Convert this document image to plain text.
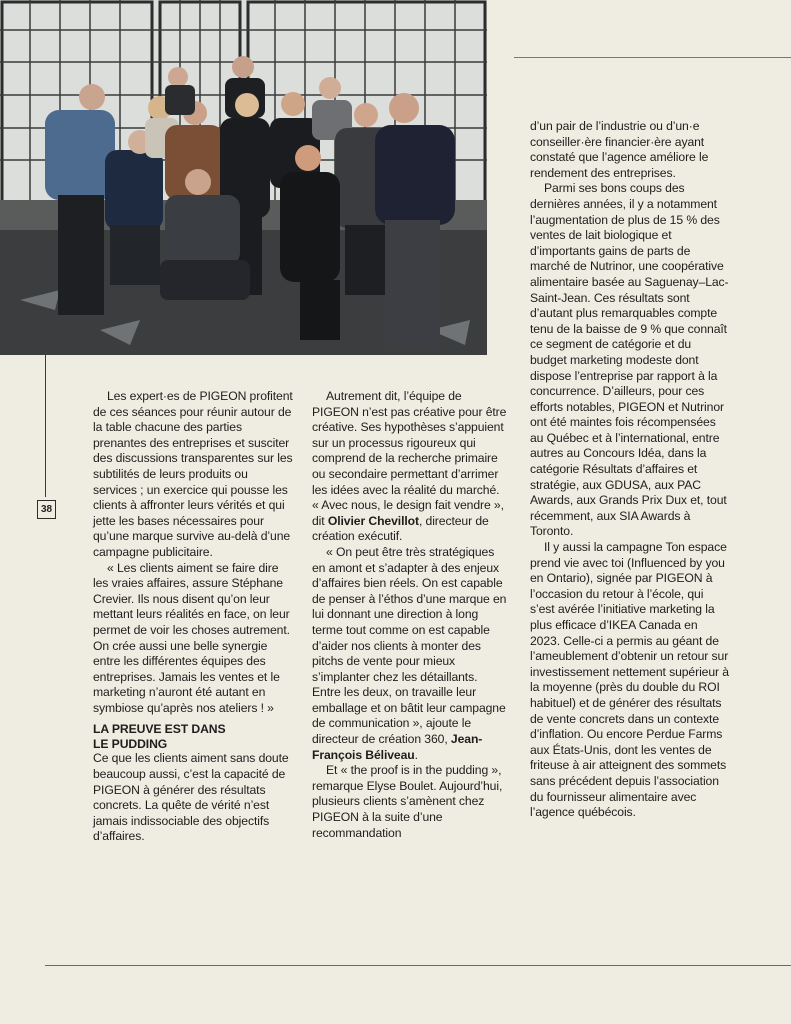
38

Les expert·es de PIGEON profitent de ces séances pour réunir autour de la table chacune des parties prenantes des entreprises et susciter des discussions transparentes sur les subtilités de leurs produits ou services ; un exercice qui pousse les clients à affronter leurs vérités et qui jette les bases nécessaires pour qu’une marque survive au-delà d’une campagne publicitaire.

« Les clients aiment se faire dire les vraies affaires, assure Stéphane Crevier. Ils nous disent qu’on leur mettant leurs réalités en face, on leur permet de voir les choses autrement. On crée aussi une belle synergie entre les différentes équipes des entreprises. Jamais les ventes et le marketing n’auront été autant en symbiose qu’après nos ateliers ! »

LA PREUVE EST DANS
LE PUDDING

Ce que les clients aiment sans doute beaucoup aussi, c’est la capacité de PIGEON à générer des résultats concrets. La quête de vérité n’est jamais indissociable des objectifs d’affaires.

Autrement dit, l’équipe de PIGEON n’est pas créative pour être créative. Ses hypothèses s’appuient sur un processus rigoureux qui comprend de la recherche primaire ou secondaire permettant d’arrimer les idées avec la réalité du marché. « Avec nous, le design fait vendre », dit Olivier Chevillot, directeur de création exécutif.

« On peut être très stratégiques en amont et s’adapter à des enjeux d’affaires bien réels. On est capable de penser à l’éthos d’une marque en lui donnant une direction à long terme tout comme on est capable d’aider nos clients à monter des pitchs de vente pour mieux s’implanter chez les détaillants. Entre les deux, on travaille leur emballage et on bâtit leur campagne de communication », ajoute le directeur de création 360, Jean-François Béliveau.

Et « the proof is in the pudding », remarque Elyse Boulet. Aujourd’hui, plusieurs clients s’amènent chez PIGEON à la suite d’une recommandation

d’un pair de l’industrie ou d’un·e conseiller·ère financier·ère ayant constaté que l’agence améliore le rendement des entreprises.

Parmi ses bons coups des dernières années, il y a notamment l’augmentation de plus de 15 % des ventes de lait biologique et d’importants gains de parts de marché de Nutrinor, une coopérative alimentaire basée au Saguenay–Lac-Saint-Jean. Ces résultats sont d’autant plus remarquables compte tenu de la baisse de 9 % que connaît ce segment de catégorie et du budget marketing modeste dont dispose l’entreprise par rapport à la concurrence. D’ailleurs, pour ces efforts notables, PIGEON et Nutrinor ont été maintes fois récompensées au Québec et à l’international, entre autres au Concours Idéa, dans la catégorie Résultats d’affaires et stratégie, aux GDUSA, aux PAC Awards, aux Grands Prix Dux et, tout récemment, aux SIA Awards à Toronto.

Il y aussi la campagne Ton espace prend vie avec toi (Influenced by you en Ontario), signée par PIGEON à l’occasion du retour à l’école, qui s’est avérée l’initiative marketing la plus efficace d’IKEA Canada en 2023. Celle-ci a permis au géant de l’ameublement d’obtenir un retour sur investissement nettement supérieur à la moyenne (près du double du ROI habituel) et de générer des résultats de vente concrets dans un contexte d’inflation. Ou encore Perdue Farms aux États-Unis, dont les ventes de friteuse à air atteignent des sommets sans précédent depuis l’association du fournisseur alimentaire avec l’agence québécois.
